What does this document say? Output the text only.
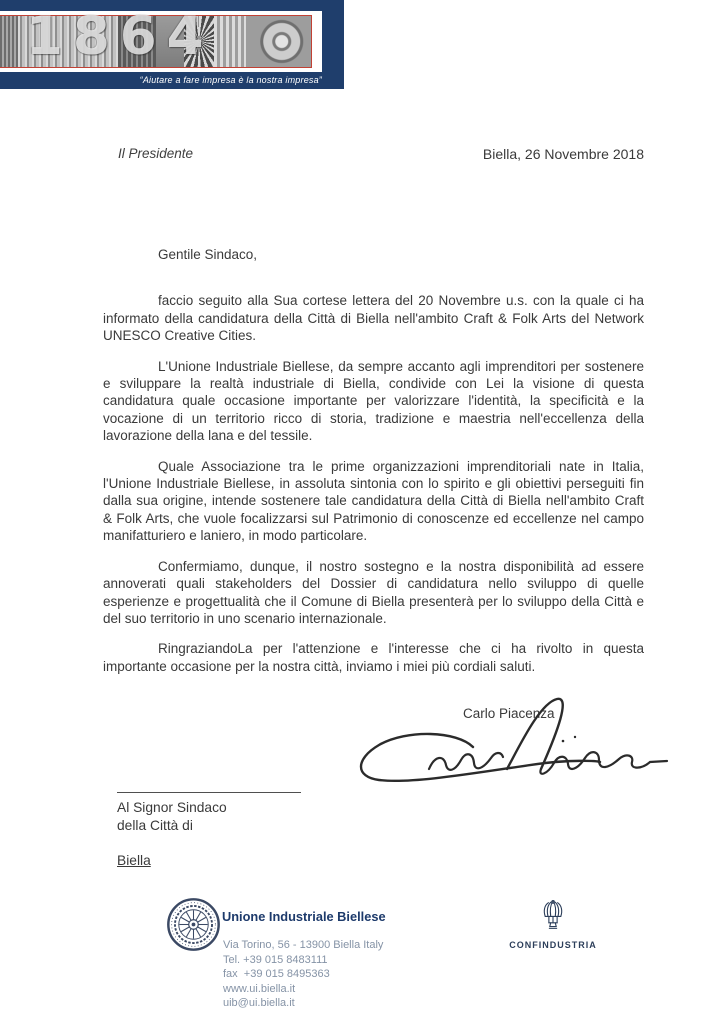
1864
“Aiutare a fare impresa è la nostra impresa”
Il Presidente	Biella, 26 Novembre 2018

Gentile Sindaco,

faccio seguito alla Sua cortese lettera del 20 Novembre u.s. con la quale ci ha informato della candidatura della Città di Biella nell'ambito Craft & Folk Arts del Network UNESCO Creative Cities.

L'Unione Industriale Biellese, da sempre accanto agli imprenditori per sostenere e sviluppare la realtà industriale di Biella, condivide con Lei la visione di questa candidatura quale occasione importante per valorizzare l'identità, la specificità e la vocazione di un territorio ricco di storia, tradizione e maestria nell'eccellenza della lavorazione della lana e del tessile.

Quale Associazione tra le prime organizzazioni imprenditoriali nate in Italia, l'Unione Industriale Biellese, in assoluta sintonia con lo spirito e gli obiettivi perseguiti fin dalla sua origine, intende sostenere tale candidatura della Città di Biella nell'ambito Craft & Folk Arts, che vuole focalizzarsi sul Patrimonio di conoscenze ed eccellenze nel campo manifatturiero e laniero, in modo particolare.

Confermiamo, dunque, il nostro sostegno e la nostra disponibilità ad essere annoverati quali stakeholders del Dossier di candidatura nello sviluppo di quelle esperienze e progettualità che il Comune di Biella presenterà per lo sviluppo della Città e del suo territorio in uno scenario internazionale.

RingraziandoLa per l'attenzione e l'interesse che ci ha rivolto in questa importante occasione per la nostra città, inviamo i miei più cordiali saluti.

Carlo Piacenza
Al Signor Sindaco
della Città di
Biella
Unione Industriale Biellese
Via Torino, 56 - 13900 Biella Italy
Tel. +39 015 8483111
fax  +39 015 8495363
www.ui.biella.it
uib@ui.biella.it
CONFINDUSTRIA
